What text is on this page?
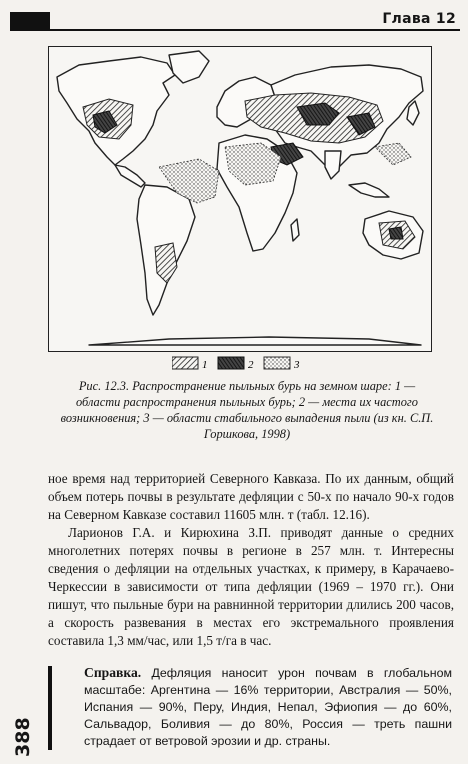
Глава 12
1	2	3
Рис. 12.3. Распространение пыльных бурь на земном шаре: 1 — области распространения пыльных бурь; 2 — места их частого возникновения; 3 — области стабильного выпадения пыли (из кн. С.П. Горшкова, 1998)

ное время над территорией Северного Кавказа. По их данным, общий объем потерь почвы в результате дефляции с 50-х по начало 90-х годов на Северном Кавказе составил 11605 млн. т (табл. 12.16).

Ларионов Г.А. и Кирюхина З.П. приводят данные о средних многолетних потерях почвы в регионе в 257 млн. т. Интересны сведения о дефляции на отдельных участках, к примеру, в Карачаево-Черкессии в зависимости от типа дефляции (1969 – 1970 гг.). Они пишут, что пыльные бури на равнинной территории длились 200 часов, а скорость развевания в местах его экстремального проявления составила 1,3 мм/час, или 1,5 т/га в час.

Справка. Дефляция наносит урон почвам в глобальном масштабе: Аргентина — 16% территории, Австралия — 50%, Испания — 90%, Перу, Индия, Непал, Эфиопия — до 60%, Сальвадор, Боливия — до 80%, Россия — треть пашни страдает от ветровой эрозии и др. страны.
388
